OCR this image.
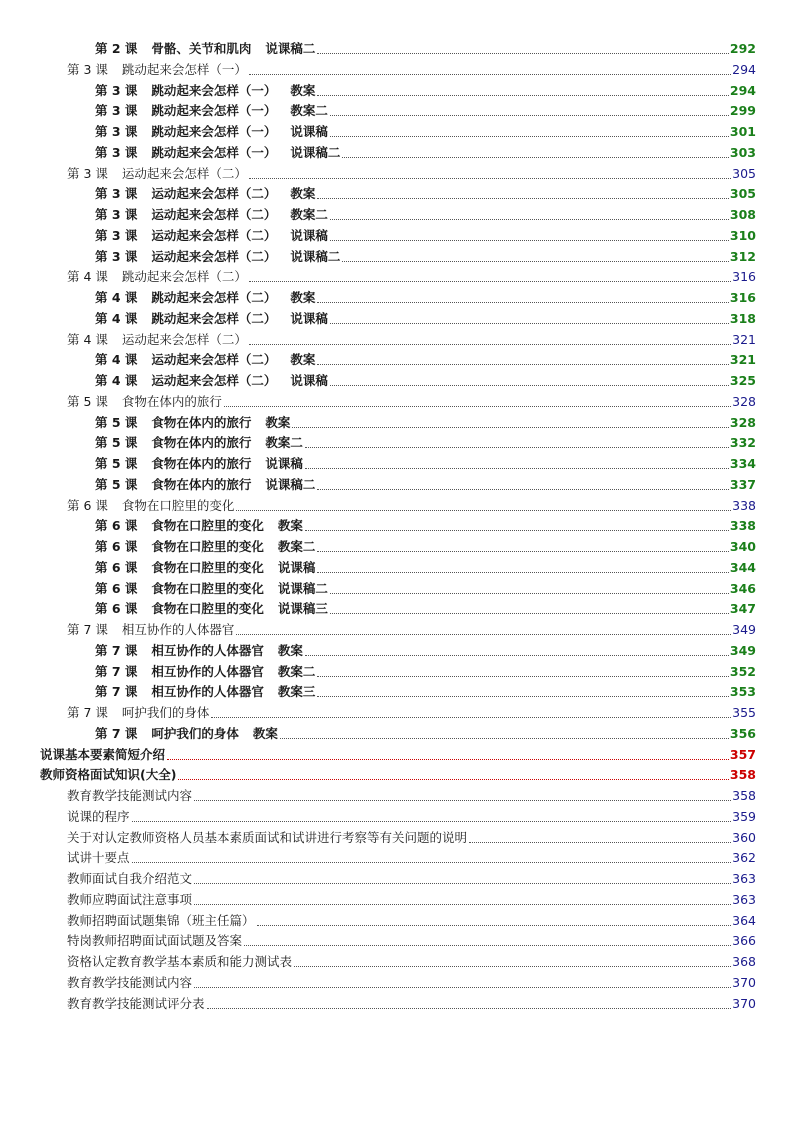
第 2 课 骨骼、关节和肌肉 说课稿二	292
第 3 课 跳动起来会怎样（一）	294
第 3 课 跳动起来会怎样（一） 教案	294
第 3 课 跳动起来会怎样（一） 教案二	299
第 3 课 跳动起来会怎样（一） 说课稿	301
第 3 课 跳动起来会怎样（一） 说课稿二	303
第 3 课 运动起来会怎样（二）	305
第 3 课 运动起来会怎样（二） 教案	305
第 3 课 运动起来会怎样（二） 教案二	308
第 3 课 运动起来会怎样（二） 说课稿	310
第 3 课 运动起来会怎样（二） 说课稿二	312
第 4 课 跳动起来会怎样（二）	316
第 4 课 跳动起来会怎样（二） 教案	316
第 4 课 跳动起来会怎样（二） 说课稿	318
第 4 课 运动起来会怎样（二）	321
第 4 课 运动起来会怎样（二） 教案	321
第 4 课 运动起来会怎样（二） 说课稿	325
第 5 课 食物在体内的旅行	328
第 5 课 食物在体内的旅行 教案	328
第 5 课 食物在体内的旅行 教案二	332
第 5 课 食物在体内的旅行 说课稿	334
第 5 课 食物在体内的旅行 说课稿二	337
第 6 课 食物在口腔里的变化	338
第 6 课 食物在口腔里的变化 教案	338
第 6 课 食物在口腔里的变化 教案二	340
第 6 课 食物在口腔里的变化 说课稿	344
第 6 课 食物在口腔里的变化 说课稿二	346
第 6 课 食物在口腔里的变化 说课稿三	347
第 7 课 相互协作的人体器官	349
第 7 课 相互协作的人体器官 教案	349
第 7 课 相互协作的人体器官 教案二	352
第 7 课 相互协作的人体器官 教案三	353
第 7 课 呵护我们的身体	355
第 7 课 呵护我们的身体 教案	356
说课基本要素简短介绍	357
教师资格面试知识(大全)	358
教育教学技能测试内容	358
说课的程序	359
关于对认定教师资格人员基本素质面试和试讲进行考察等有关问题的说明	360
试讲十要点	362
教师面试自我介绍范文	363
教师应聘面试注意事项	363
教师招聘面试题集锦（班主任篇）	364
特岗教师招聘面试面试题及答案	366
资格认定教育教学基本素质和能力测试表	368
教育教学技能测试内容	370
教育教学技能测试评分表	370
